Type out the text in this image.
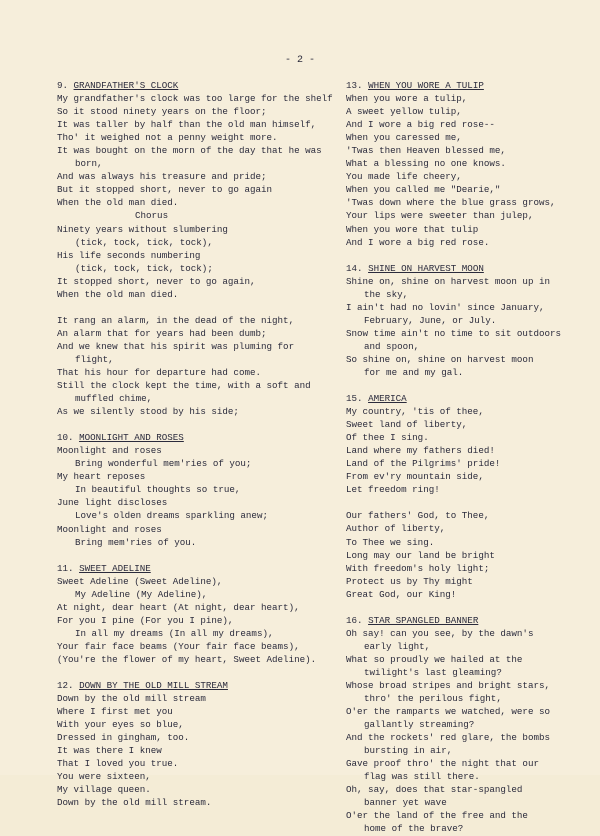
- 2 -
9. GRANDFATHER'S CLOCK
My grandfather's clock was too large for the shelf
So it stood ninety years on the floor;
It was taller by half than the old man himself,
Tho' it weighed not a penny weight more.
It was bought on the morn of the day that he was
born,
And was always his treasure and pride;
But it stopped short, never to go again
When the old man died.
Chorus
Ninety years without slumbering
(tick, tock, tick, tock),
His life seconds numbering
(tick, tock, tick, tock);
It stopped short, never to go again,
When the old man died.
It rang an alarm, in the dead of the night,
An alarm that for years had been dumb;
And we knew that his spirit was pluming for
flight,
That his hour for departure had come.
Still the clock kept the time, with a soft and
muffled chime,
As we silently stood by his side;
10. MOONLIGHT AND ROSES
Moonlight and roses
Bring wonderful mem'ries of you;
My heart reposes
In beautiful thoughts so true,
June light discloses
Love's olden dreams sparkling anew;
Moonlight and roses
Bring mem'ries of you.
11. SWEET ADELINE
Sweet Adeline (Sweet Adeline),
My Adeline (My Adeline),
At night, dear heart (At night, dear heart),
For you I pine (For you I pine),
In all my dreams (In all my dreams),
Your fair face beams (Your fair face beams),
(You're the flower of my heart, Sweet Adeline).
12. DOWN BY THE OLD MILL STREAM
Down by the old mill stream
Where I first met you
With your eyes so blue,
Dressed in gingham, too.
It was there I knew
That I loved you true.
You were sixteen,
My village queen.
Down by the old mill stream.
13. WHEN YOU WORE A TULIP
When you wore a tulip,
A sweet yellow tulip,
And I wore a big red rose--
When you caressed me,
'Twas then Heaven blessed me,
What a blessing no one knows.
You made life cheery,
When you called me "Dearie,"
'Twas down where the blue grass grows,
Your lips were sweeter than julep,
When you wore that tulip
And I wore a big red rose.
14. SHINE ON HARVEST MOON
Shine on, shine on harvest moon up in
the sky,
I ain't had no lovin' since January,
February, June, or July.
Snow time ain't no time to sit outdoors
and spoon,
So shine on, shine on harvest moon
for me and my gal.
15. AMERICA
My country, 'tis of thee,
Sweet land of liberty,
Of thee I sing.
Land where my fathers died!
Land of the Pilgrims' pride!
From ev'ry mountain side,
Let freedom ring!
Our fathers' God, to Thee,
Author of liberty,
To Thee we sing.
Long may our land be bright
With freedom's holy light;
Protect us by Thy might
Great God, our King!
16. STAR SPANGLED BANNER
Oh say! can you see, by the dawn's
early light,
What so proudly we hailed at the
twilight's last gleaming?
Whose broad stripes and bright stars,
thro' the perilous fight,
O'er the ramparts we watched, were so
gallantly streaming?
And the rockets' red glare, the bombs
bursting in air,
Gave proof thro' the night that our
flag was still there.
Oh, say, does that star-spangled
banner yet wave
O'er the land of the free and the
home of the brave?
